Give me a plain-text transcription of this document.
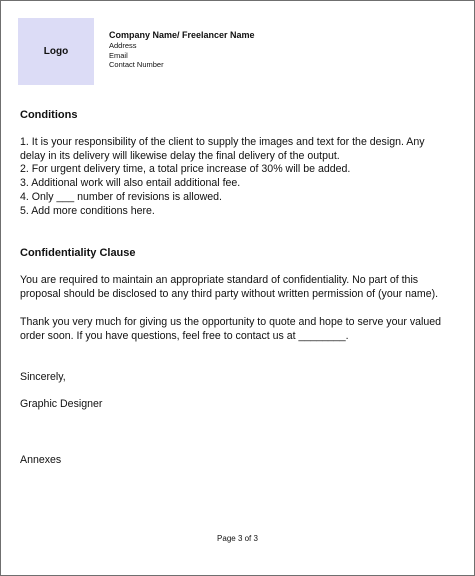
Logo
Company Name/ Freelancer Name
Address
Email
Contact Number
Conditions
1. It is your responsibility of the client to supply the images and text for the design. Any
delay in its delivery will likewise delay the final delivery of the output.
2. For urgent delivery time, a total price increase of 30% will be added.
3. Additional work will also entail additional fee.
4. Only ___ number of revisions is allowed.
5. Add more conditions here.
Confidentiality Clause
You are required to maintain an appropriate standard of confidentiality. No part of this
proposal should be disclosed to any third party without written permission of (your name).
Thank you very much for giving us the opportunity to quote and hope to serve your valued
order soon. If you have questions, feel free to contact us at ________.
Sincerely,
Graphic Designer
Annexes
Page 3 of 3
